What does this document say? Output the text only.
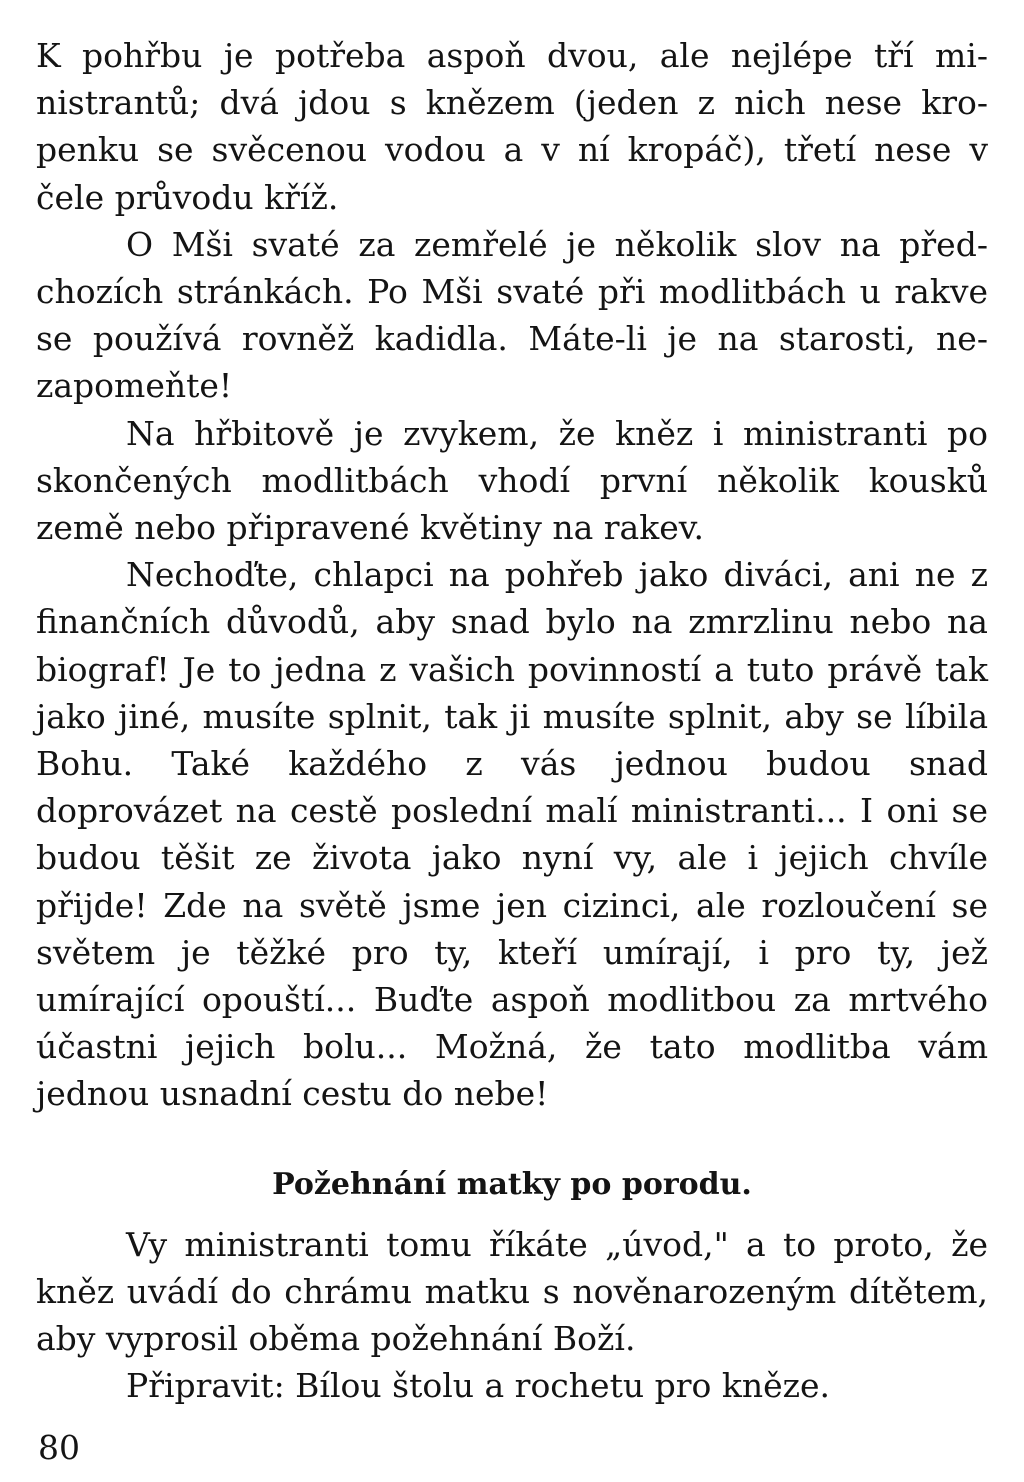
K pohřbu je potřeba aspoň dvou, ale nejlépe tří ministrantů; dvá jdou s knězem (jeden z nich nese kropenku se svěcenou vodou a v ní kropáč), třetí nese v čele průvodu kříž.

O Mši svaté za zemřelé je několik slov na předchozích stránkách. Po Mši svaté při modlitbách u rakve se používá rovněž kadidla. Máte-li je na starosti, nezapomeňte!

Na hřbitově je zvykem, že kněz i ministranti po skončených modlitbách vhodí první několik kousků země nebo připravené květiny na rakev.

Nechoďte, chlapci na pohřeb jako diváci, ani ne z finančních důvodů, aby snad bylo na zmrzlinu nebo na biograf! Je to jedna z vašich povinností a tuto právě tak jako jiné, musíte splnit, tak ji musíte splnit, aby se líbila Bohu. Také každého z vás jednou budou snad doprovázet na cestě poslední malí ministranti... I oni se budou těšit ze života jako nyní vy, ale i jejich chvíle přijde! Zde na světě jsme jen cizinci, ale rozloučení se světem je těžké pro ty, kteří umírají, i pro ty, jež umírající opouští... Buďte aspoň modlitbou za mrtvého účastni jejich bolu... Možná, že tato modlitba vám jednou usnadní cestu do nebe!

Požehnání matky po porodu.

Vy ministranti tomu říkáte „úvod," a to proto, že kněz uvádí do chrámu matku s nověnarozeným dítětem, aby vyprosil oběma požehnání Boží.

Připravit: Bílou štolu a rochetu pro kněze.

80
